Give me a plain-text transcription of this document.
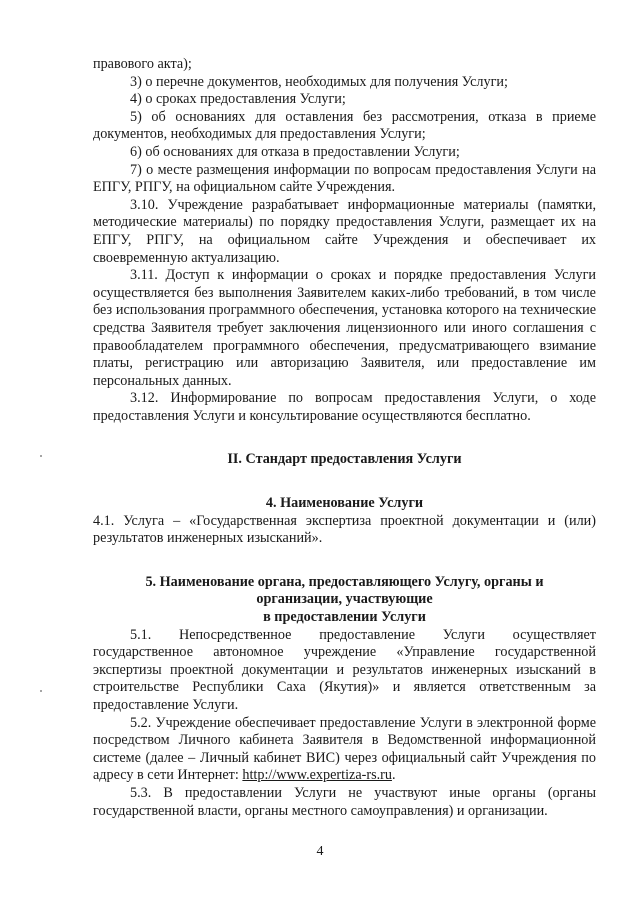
правового акта);

3) о перечне документов, необходимых для получения Услуги;

4) о сроках предоставления Услуги;

5) об основаниях для оставления без рассмотрения, отказа в приеме документов, необходимых для предоставления Услуги;

6) об основаниях для отказа в предоставлении Услуги;

7) о месте размещения информации по вопросам предоставления Услуги на ЕПГУ, РПГУ, на официальном сайте Учреждения.

3.10. Учреждение разрабатывает информационные материалы (памятки, методические материалы) по порядку предоставления Услуги, размещает их на ЕПГУ, РПГУ, на официальном сайте Учреждения и обеспечивает их своевременную актуализацию.

3.11. Доступ к информации о сроках и порядке предоставления Услуги осуществляется без выполнения Заявителем каких-либо требований, в том числе без использования программного обеспечения, установка которого на технические средства Заявителя требует заключения лицензионного или иного соглашения с правообладателем программного обеспечения, предусматривающего взимание платы, регистрацию или авторизацию Заявителя, или предоставление им персональных данных.

3.12. Информирование по вопросам предоставления Услуги, о ходе предоставления Услуги и консультирование осуществляются бесплатно.

II. Стандарт предоставления Услуги

4. Наименование Услуги

4.1. Услуга – «Государственная экспертиза проектной документации и (или) результатов инженерных изысканий».

5. Наименование органа, предоставляющего Услугу, органы и

организации, участвующие

в предоставлении Услуги

5.1. Непосредственное предоставление Услуги осуществляет государственное автономное учреждение «Управление государственной экспертизы проектной документации и результатов инженерных изысканий в строительстве Республики Саха (Якутия)» и является ответственным за предоставление Услуги.

5.2. Учреждение обеспечивает предоставление Услуги в электронной форме посредством Личного кабинета Заявителя в Ведомственной информационной системе (далее – Личный кабинет ВИС) через официальный сайт Учреждения по адресу в сети Интернет: http://www.expertiza-rs.ru.

5.3. В предоставлении Услуги не участвуют иные органы (органы государственной власти, органы местного самоуправления) и организации.

4
